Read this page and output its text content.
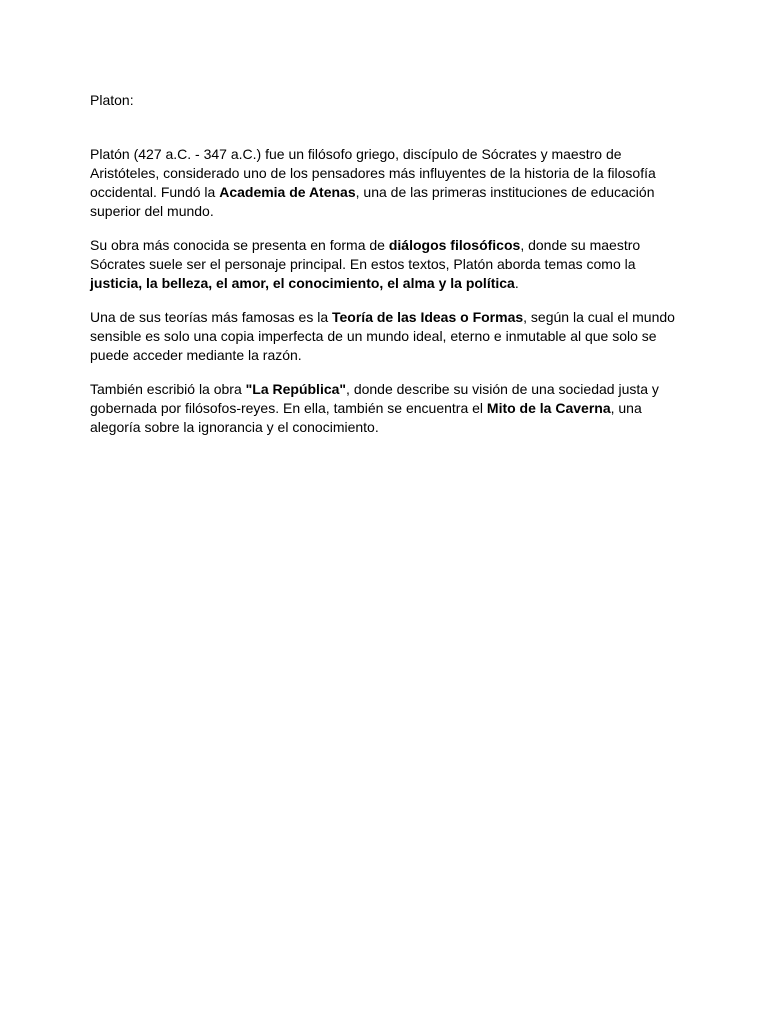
Platon:

Platón (427 a.C. - 347 a.C.) fue un filósofo griego, discípulo de Sócrates y maestro de Aristóteles, considerado uno de los pensadores más influyentes de la historia de la filosofía occidental. Fundó la Academia de Atenas, una de las primeras instituciones de educación superior del mundo.

Su obra más conocida se presenta en forma de diálogos filosóficos, donde su maestro Sócrates suele ser el personaje principal. En estos textos, Platón aborda temas como la justicia, la belleza, el amor, el conocimiento, el alma y la política.

Una de sus teorías más famosas es la Teoría de las Ideas o Formas, según la cual el mundo sensible es solo una copia imperfecta de un mundo ideal, eterno e inmutable al que solo se puede acceder mediante la razón.

También escribió la obra "La República", donde describe su visión de una sociedad justa y gobernada por filósofos-reyes. En ella, también se encuentra el Mito de la Caverna, una alegoría sobre la ignorancia y el conocimiento.
